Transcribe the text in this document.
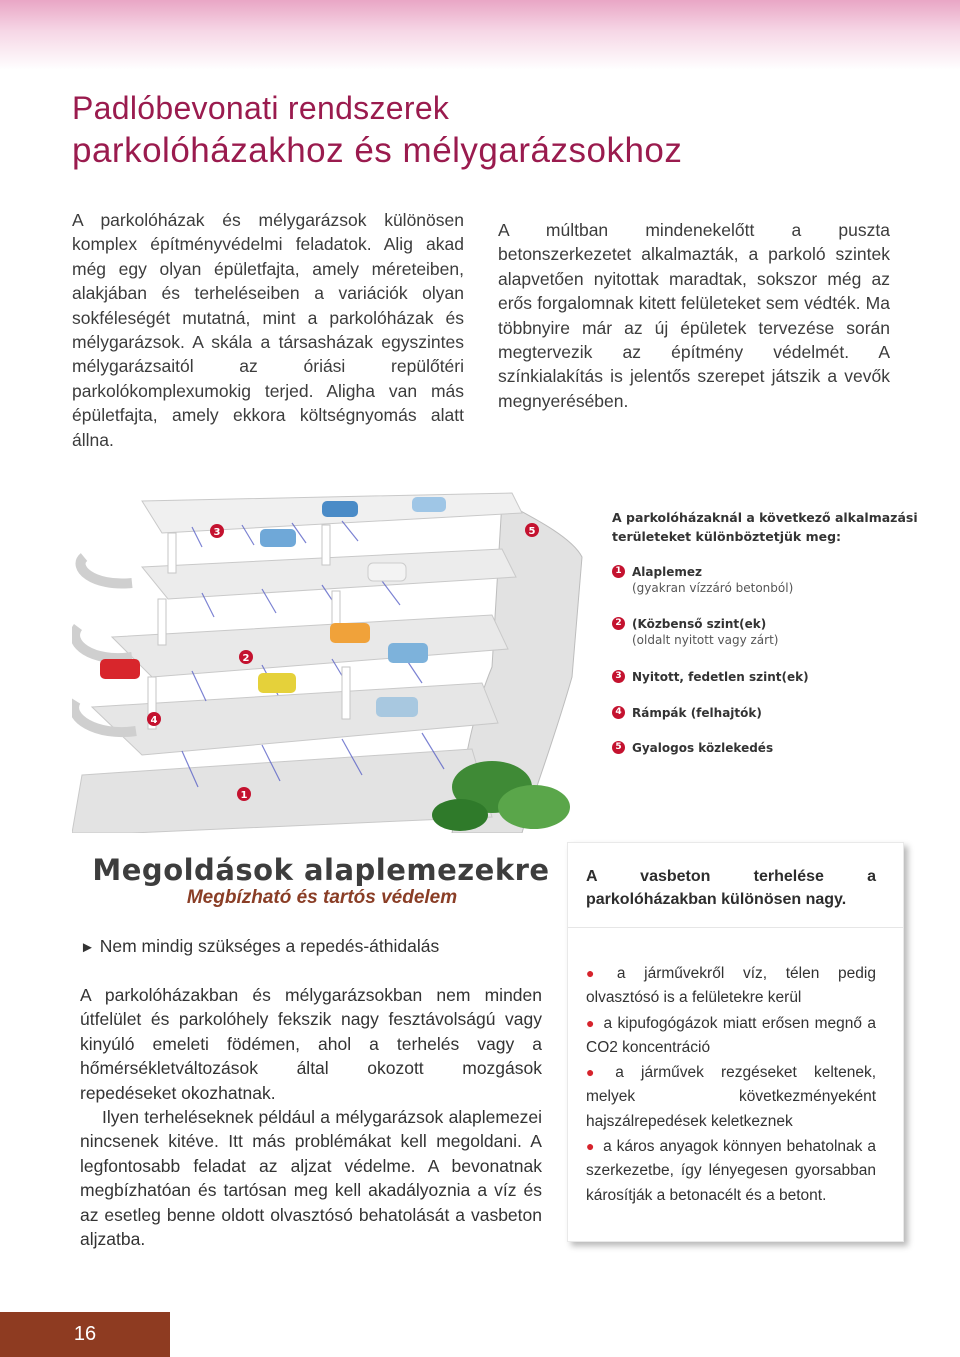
Padlóbevonati rendszerek
parkolóházakhoz és mélygarázsokhoz

A parkolóházak és mélygarázsok különösen komplex építményvédelmi feladatok. Alig akad még egy olyan épületfajta, amely méreteiben, alakjában és terheléseiben a variációk olyan sokféleségét mutatná, mint a parkolóházak és mélygarázsok. A skála a társasházak egyszintes mélygarázsaitól az óriási repülőtéri parkolókomplexumokig terjed. Aligha van más épületfajta, amely ekkora költségnyomás alatt állna.

A múltban mindenekelőtt a puszta betonszerkezetet alkalmazták, a parkoló szintek alapvetően nyitottak maradtak, sokszor még az erős forgalomnak kitett felületeket sem védték. Ma többnyire már az új épületek tervezése során megtervezik az építmény védelmét. A színkialakítás is jelentős szerepet játszik a vevők megnyerésében.

3	5
2
4
1
A parkolóházaknál a következő alkalmazási
területeket különböztetjük meg:
1 Alaplemez
(gyakran vízzáró betonból)
2 (Közbenső szint(ek)
(oldalt nyitott vagy zárt)
3 Nyitott, fedetlen szint(ek)
4 Rámpák (felhajtók)
5 Gyalogos közlekedés
Megoldások alaplemezekre
Megbízható és tartós védelem
► Nem mindig szükséges a repedés-áthidalás

A parkolóházakban és mélygarázsokban nem minden útfelület és parkolóhely fekszik nagy fesztávolságú vagy kinyúló emeleti födémen, ahol a terhelés vagy a hőmérsékletváltozások által okozott mozgások repedéseket okozhatnak.

Ilyen terheléseknek például a mélygarázsok alaplemezei nincsenek kitéve. Itt más problémákat kell megoldani. A legfontosabb feladat az aljzat védelme. A bevonatnak megbízhatóan és tartósan meg kell akadályoznia a víz és az esetleg benne oldott olvasztósó behatolását a vasbeton aljzatba.

A vasbeton terhelése a
parkolóházakban különösen nagy.
● a járművekről víz, télen pedig olvasztósó is a felületekre kerül
● a kipufogógázok miatt erősen megnő a CO2 koncentráció
● a járművek rezgéseket keltenek, melyek következményeként hajszálrepedések keletkeznek
● a káros anyagok könnyen behatolnak a szerkezetbe, így lényegesen gyorsabban károsítják a betonacélt és a betont.
16
